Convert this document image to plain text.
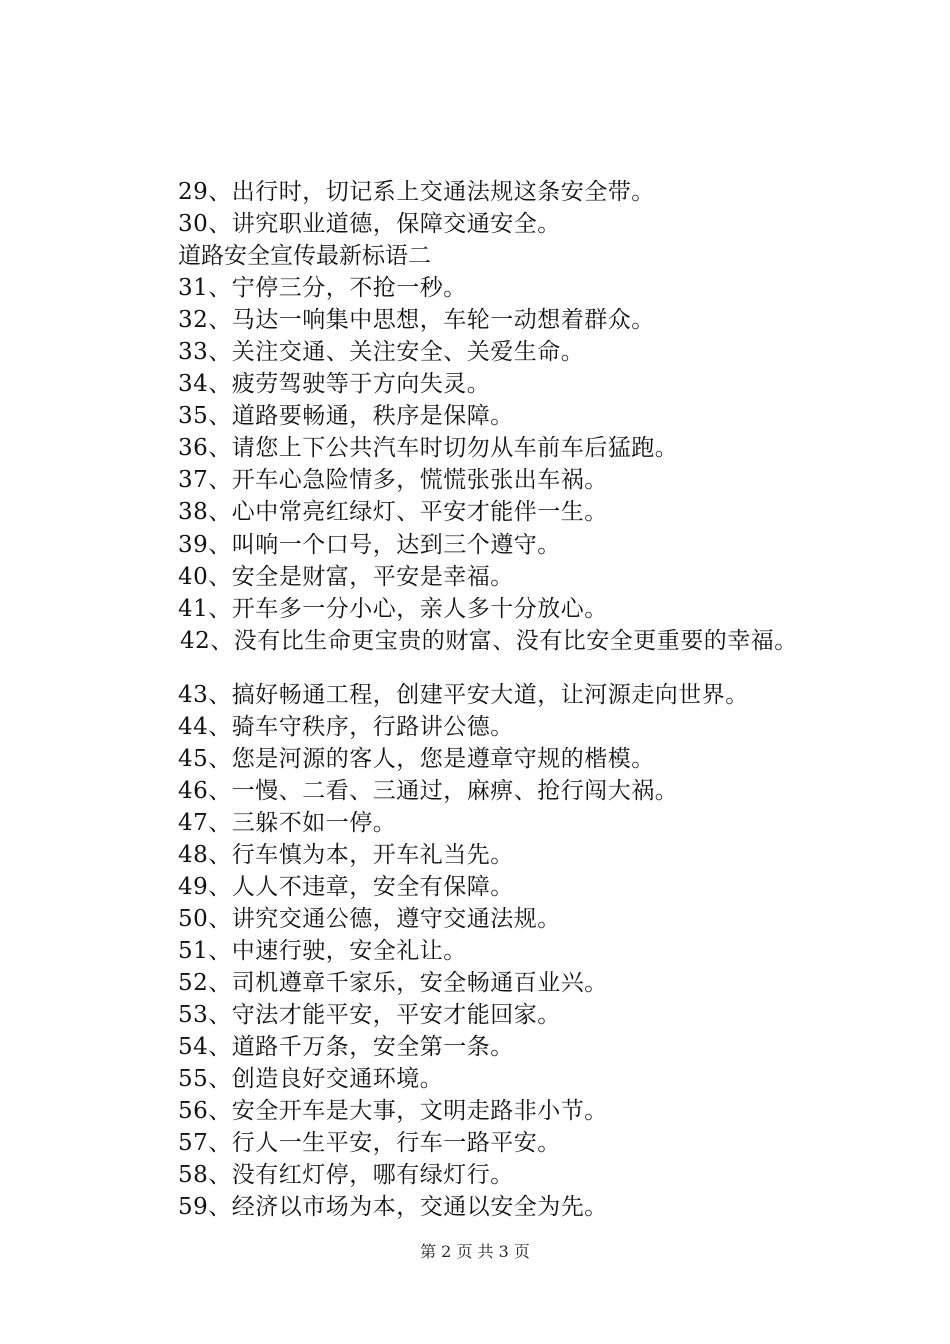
29、出行时，切记系上交通法规这条安全带。
30、讲究职业道德，保障交通安全。
道路安全宣传最新标语二
31、宁停三分，不抢一秒。
32、马达一响集中思想，车轮一动想着群众。
33、关注交通、关注安全、关爱生命。
34、疲劳驾驶等于方向失灵。
35、道路要畅通，秩序是保障。
36、请您上下公共汽车时切勿从车前车后猛跑。
37、开车心急险情多，慌慌张张出车祸。
38、心中常亮红绿灯、平安才能伴一生。
39、叫响一个口号，达到三个遵守。
40、安全是财富，平安是幸福。
41、开车多一分小心，亲人多十分放心。
42、没有比生命更宝贵的财富、没有比安全更重要的幸福。
43、搞好畅通工程，创建平安大道，让河源走向世界。
44、骑车守秩序，行路讲公德。
45、您是河源的客人，您是遵章守规的楷模。
46、一慢、二看、三通过，麻痹、抢行闯大祸。
47、三躲不如一停。
48、行车慎为本，开车礼当先。
49、人人不违章，安全有保障。
50、讲究交通公德，遵守交通法规。
51、中速行驶，安全礼让。
52、司机遵章千家乐，安全畅通百业兴。
53、守法才能平安，平安才能回家。
54、道路千万条，安全第一条。
55、创造良好交通环境。
56、安全开车是大事，文明走路非小节。
57、行人一生平安，行车一路平安。
58、没有红灯停，哪有绿灯行。
59、经济以市场为本，交通以安全为先。
第 2 页 共 3 页
